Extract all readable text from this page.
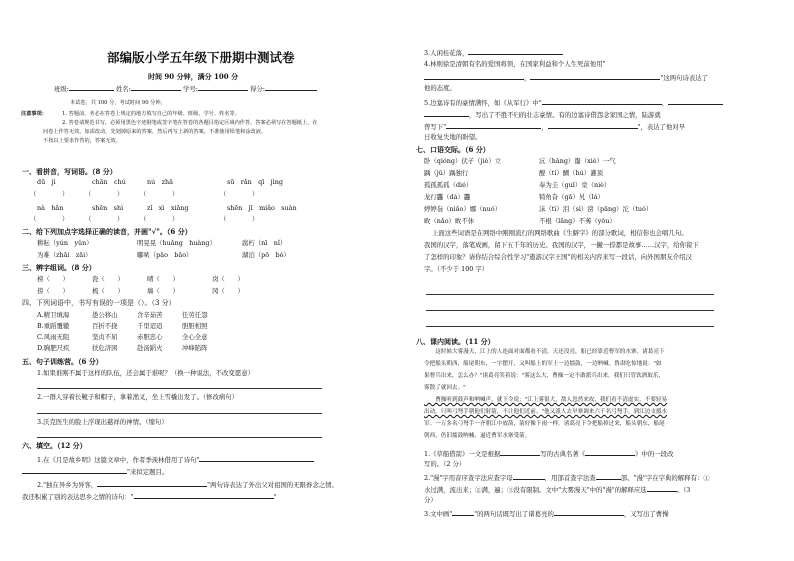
部编版小学五年级下册期中测试卷
时间 90 分钟，满分 100 分
班级:	姓名:	学号:	得分:
本试卷，共 100 分，考试时间 90 分钟。
注意事项：	1. 答题前，务必在答卷上规定的地方填写自己的年级、班级、学号、姓名等。
2. 答卷请规范书写，必须用黑色字迹钢笔或签字笔在答卷的各题目指定区域内作答，答案必须写在答题纸上，在
问卷上作答无效。如需改动，先划掉原来的答案，然后再写上新的答案，不准使用铅笔和涂改液。
不按以上要求作答的，答案无效。
一、看拼音，写词语。（8 分）
dū　jì	chān　chú	nú　zhā	sū　rǎn　qī　jìng
（　　　　）	（　　　　）	（　　　　）	（　　　　）
nà　hǎn	shēn　shì	zǐ　xì　xiǎng	shēn　jī　miǎo　suàn
（　　　　）	（　　　　）	（　　　　）	（　　　　）
二、给下列加点字选择正确的读音，并画"√"。（6 分）
耕耘（yún　yǔn）	明晃晃（huǎng　huàng）	腐朽（nī　nǐ）
为难（zhāi　zāi）	嘟哝（pāo　bāo）	湖泊（pō　bó）
三、辨字组词。（8 分）
榜（　　）	瓷（　　）	晴（　　）	岗（　　）
傍（　　）	梳（　　）	墙（　　）	冈（　　）
四、下列词语中，书写有误的一项是（）。（3 分）
A.精卫填海	愚公移山	含辛茹苦	任劳任怨
B.重蹈覆辙	百折不挠	千里迢迢	胆胆相照
C.风雨无阻	坚贞不屈	赤胆忠心	全心全意
D.胸肥尺疾	扶危济困	赴汤蹈火	冲峰陷阵
五、句子训练营。（6 分）
1.如果谁刚不属于这样的队伍，还会属于谁呢？（换一种说法，不改变愿意）
2.一群人穿着长靴子和帽子，拿着渔叉，坐上雪橇出发了。（修改病句）
3.沃克医生的脸上浮现出慈祥的神情。（缩句）
六、填空。（12 分）
1.在《月是故乡明》这篇文章中，作者季羡林借用了诗句"
"来拟定题目。
2."独在异乡为异客，	"两句诗表达了外出父对祖国的无限眷念之情。
我还积累了别的表达思乡之情的诗句："	"
3.人闲桂花落，
4.林则徐是清朝有名的爱国将领，在国家利益和个人生死前他用"
，	"这两句诗表达了
他的态度。
5.边塞诗有的豪情满怀，如《从军行》中"	，
，写出了不胜不归的壮志豪情。有的边塞诗借怨念家国之情，陆游就
曾写下"	，	"，表达了他对早
日收复失地的盼望。
七、口语交际。（6 分）
卧（qióng）伏孑（jié）立	沆（hàng）瀣（xiè）一气
踽（jǔ）踽独行	醍（tí）醐（hú）灌顶
孤孤孤孤（dié）	奉为圭（guī）臬（niè）
龙行龘（dá）龘	犄角旮（gā）旯（lá）
婷婷袅（niǎo）娜（nuó）	沫（tì）泪（sì）滂（pāng）沱（tuó）
畋（nǎo）畋不休	不根（lǎng）不莠（yǒu）
上面这些词语是在网络中刚刚流行的网络歌曲《生僻字》的部分歌词，相信你也会唱几句。
我国的汉字，落笔成画，留下五千年的历史。我国的汉字，一撇一捺都是故事……汉字，给你留下
了怎样的印象？请你结合综合性学习"遨游汉字王国"的相关内容来写一段话，向外国朋友介绍汉
字。（不少于 100 字）
八、课内阅读。（11 分）
　　这时候大雾漫天，江上的人连面对面都看不清。天还没亮，船已经靠近曹军的水寨。诸葛亮下
令把船头朝西，船尾朝东，一字摆开，又叫船上的军士一边擂鼓，一边呐喊。鲁肃吃惊地说："如
果曹兵出来，怎么办？"诸葛亮笑着说："雾这么大，曹操一定不敢派兵出来。我们只管饮酒取乐，
雾散了就回去。"
　　曹操听到鼓声和呐喊声，就下令说："江上雾很大，敌人忽然来攻，我们看不清虚实，不要轻易
出动。只叫弓弩手朝他们射箭，不让他们近前。"他又派人去旱寨调来六千名弓弩手，到江边支援水
军。一万多名弓弩手一齐朝江中放箭，箭好像下雨一样。诸葛亮下令把船掉过来，船头朝东，船尾
朝西，仍旧擂鼓呐喊，逼近曹军水寨受箭。
1.《草船借箭》一文是根据	写的古典名著《	》中的一段改
写的。（2 分）
2."漫"字用音序查字法应查字母	，用部首查字法查	部。"漫"字在字典的解释有：①
水过满，流出来；②满，遍；③没有限制。文中"大雾漫天"中的"漫"的解释应选	。（3
分）
3.文中画"	"的两句话既写出了诸葛亮的	，又写出了曹操
